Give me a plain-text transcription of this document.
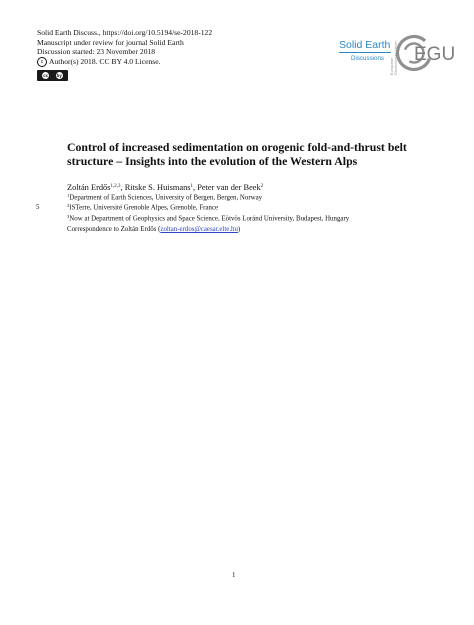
Solid Earth Discuss., https://doi.org/10.5194/se-2018-122
Manuscript under review for journal Solid Earth
Discussion started: 23 November 2018
c Author(s) 2018. CC BY 4.0 License.
cc by
Solid Earth
Discussions European Geosciences Union EGU
Control of increased sedimentation on orogenic fold-and-thrust belt structure – Insights into the evolution of the Western Alps
Zoltán Erdős$^{1,2,3}$, Ritske S. Huismans$^1$, Peter van der Beek$^2$
$^1$Department of Earth Sciences, University of Bergen, Bergen, Norway
5	$^2$ISTerre, Université Grenoble Alpes, Grenoble, France
$^3$Now at Department of Geophysics and Space Science, Eötvös Loránd University, Budapest, Hungary
Correspondence to Zoltán Erdős (zoltan-erdos@caesar.elte.hu)
1
